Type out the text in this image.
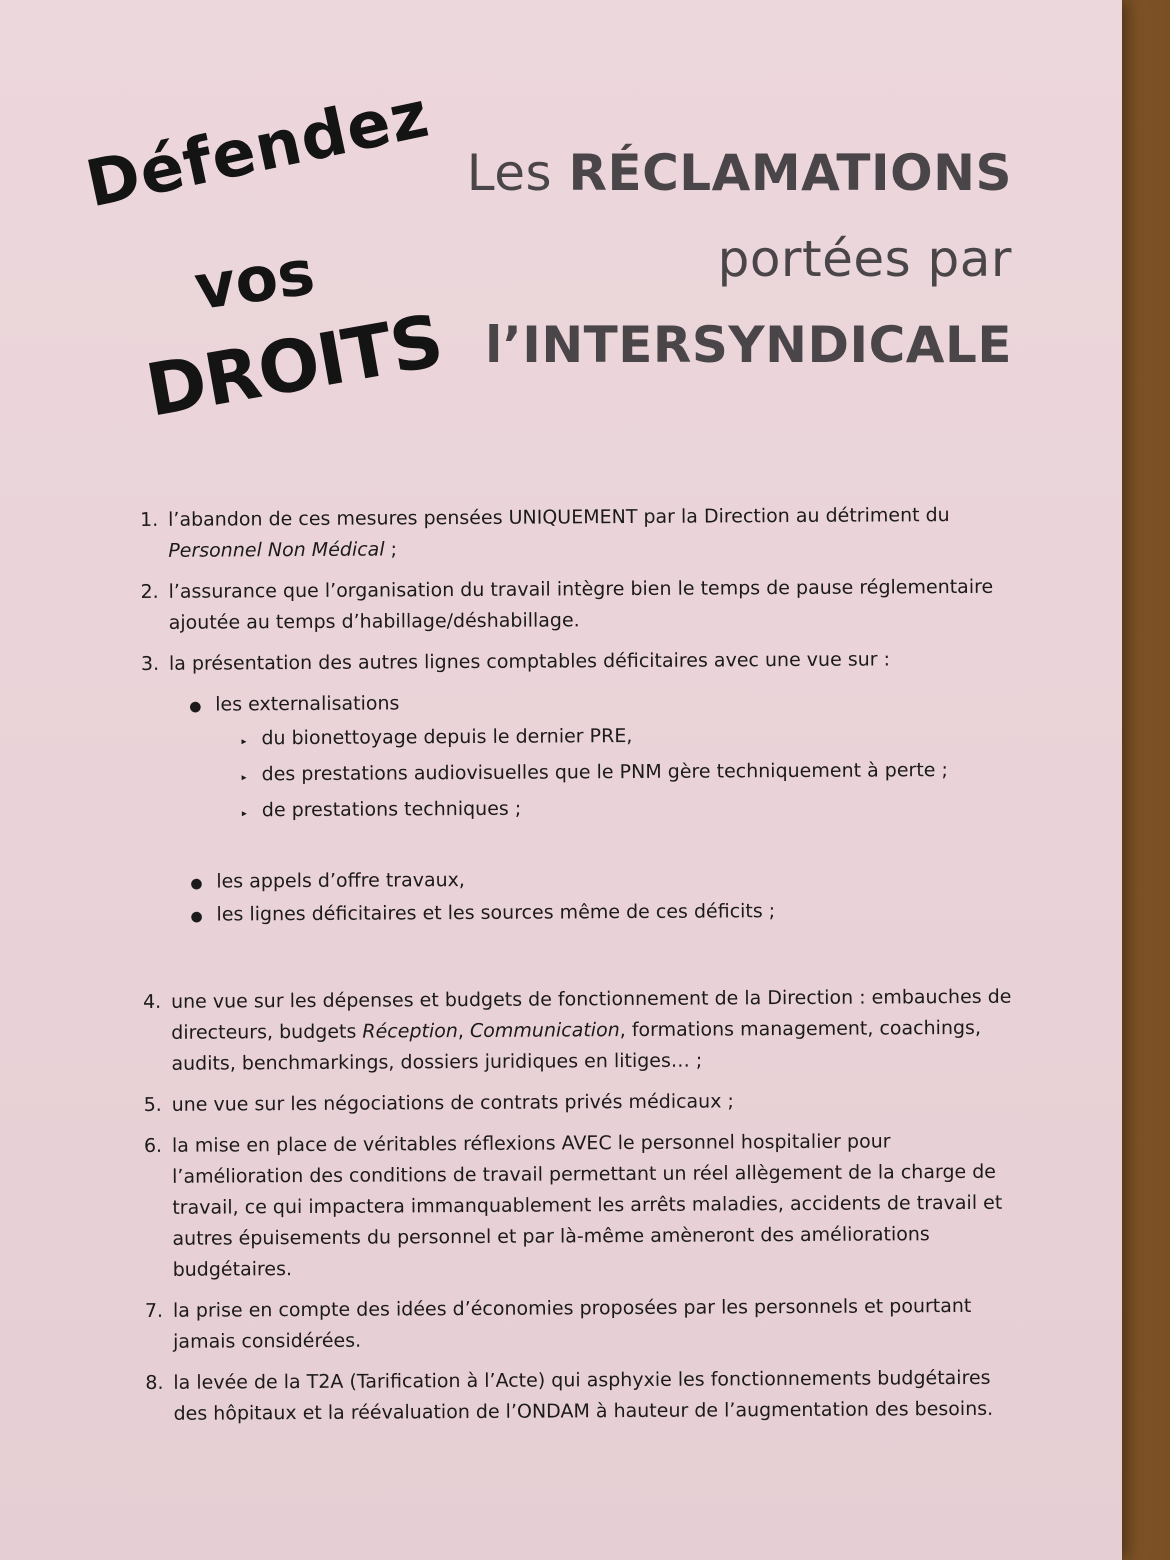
Défendez
vos
DROITS
Les RÉCLAMATIONS
portées par
l’INTERSYNDICALE
1. l’abandon de ces mesures pensées UNIQUEMENT par la Direction au détriment du Personnel Non Médical ;
2. l’assurance que l’organisation du travail intègre bien le temps de pause réglementaire ajoutée au temps d’habillage/déshabillage.
3. la présentation des autres lignes comptables déficitaires avec une vue sur :
● les externalisations
▸ du bionettoyage depuis le dernier PRE,
▸ des prestations audiovisuelles que le PNM gère techniquement à perte ;
▸ de prestations techniques ;
● les appels d’offre travaux,
● les lignes déficitaires et les sources même de ces déficits ;
4. une vue sur les dépenses et budgets de fonctionnement de la Direction : embauches de directeurs, budgets Réception, Communication, formations management, coachings, audits, benchmarkings, dossiers juridiques en litiges… ;
5. une vue sur les négociations de contrats privés médicaux ;
6. la mise en place de véritables réflexions AVEC le personnel hospitalier pour l’amélioration des conditions de travail permettant un réel allègement de la charge de travail, ce qui impactera immanquablement les arrêts maladies, accidents de travail et autres épuisements du personnel et par là-même amèneront des améliorations budgétaires.
7. la prise en compte des idées d’économies proposées par les personnels et pourtant jamais considérées.
8. la levée de la T2A (Tarification à l’Acte) qui asphyxie les fonctionnements budgétaires des hôpitaux et la réévaluation de l’ONDAM à hauteur de l’augmentation des besoins.
